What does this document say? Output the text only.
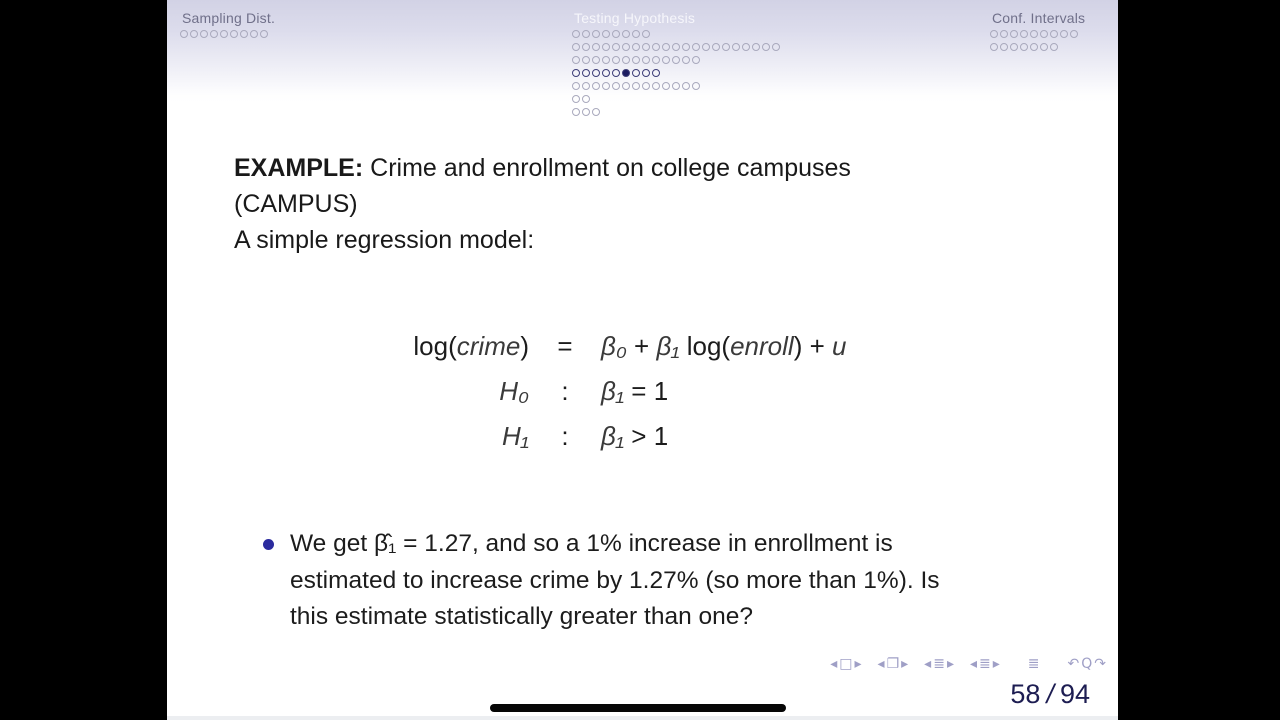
Sampling Dist.	Testing Hypothesis	Conf. Intervals
EXAMPLE: Crime and enrollment on college campuses
(CAMPUS)
A simple regression model:
log(crime)	=	β₀ + β₁ log(enroll) + u
H₀	:	β₁ = 1
H₁	:	β₁ > 1
We get β̂₁ = 1.27, and so a 1% increase in enrollment is
estimated to increase crime by 1.27% (so more than 1%). Is
this estimate statistically greater than one?
◂□▸ ◂❐▸ ◂≣▸ ◂≣▸ ≣ ↶Q↷
58 / 94
